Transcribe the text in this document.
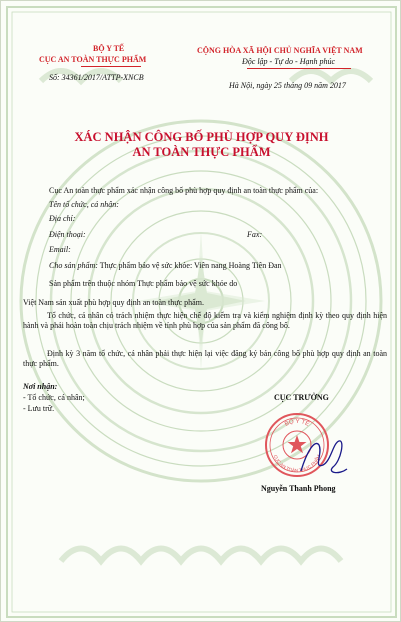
BỘ Y TẾ
CỤC AN TOÀN THỰC PHẨM
Số: 34361/2017/ATTP-XNCB
CỘNG HÒA XÃ HỘI CHỦ NGHĨA VIỆT NAM
Độc lập - Tự do - Hạnh phúc
Hà Nội, ngày 25 tháng 09 năm 2017
XÁC NHẬN CÔNG BỐ PHÙ HỢP QUY ĐỊNH
AN TOÀN THỰC PHẨM
Cục An toàn thực phẩm xác nhận công bố phù hợp quy định an toàn thực phẩm của:
Tên tổ chức, cá nhân:
Địa chỉ:
Điện thoại:	Fax:
Email:
Cho sản phẩm: Thực phẩm bảo vệ sức khỏe: Viên nang Hoàng Tiên Đan
Sản phẩm trên thuộc nhóm Thực phẩm bảo vệ sức khỏe do
Việt Nam sản xuất phù hợp quy định an toàn thực phẩm.
Tổ chức, cá nhân có trách nhiệm thực hiện chế độ kiểm tra và kiểm nghiệm định kỳ theo quy định hiện hành và phải hoàn toàn chịu trách nhiệm về tính phù hợp của sản phẩm đã công bố.
Định kỳ 3 năm tổ chức, cá nhân phải thực hiện lại việc đăng ký bản công bố phù hợp quy định an toàn thực phẩm.
Nơi nhận:
- Tổ chức, cá nhân;
- Lưu trữ.
CỤC TRƯỞNG
BỘ Y TẾ
CỤC AN TOÀN THỰC PHẨM
Nguyễn Thanh Phong
